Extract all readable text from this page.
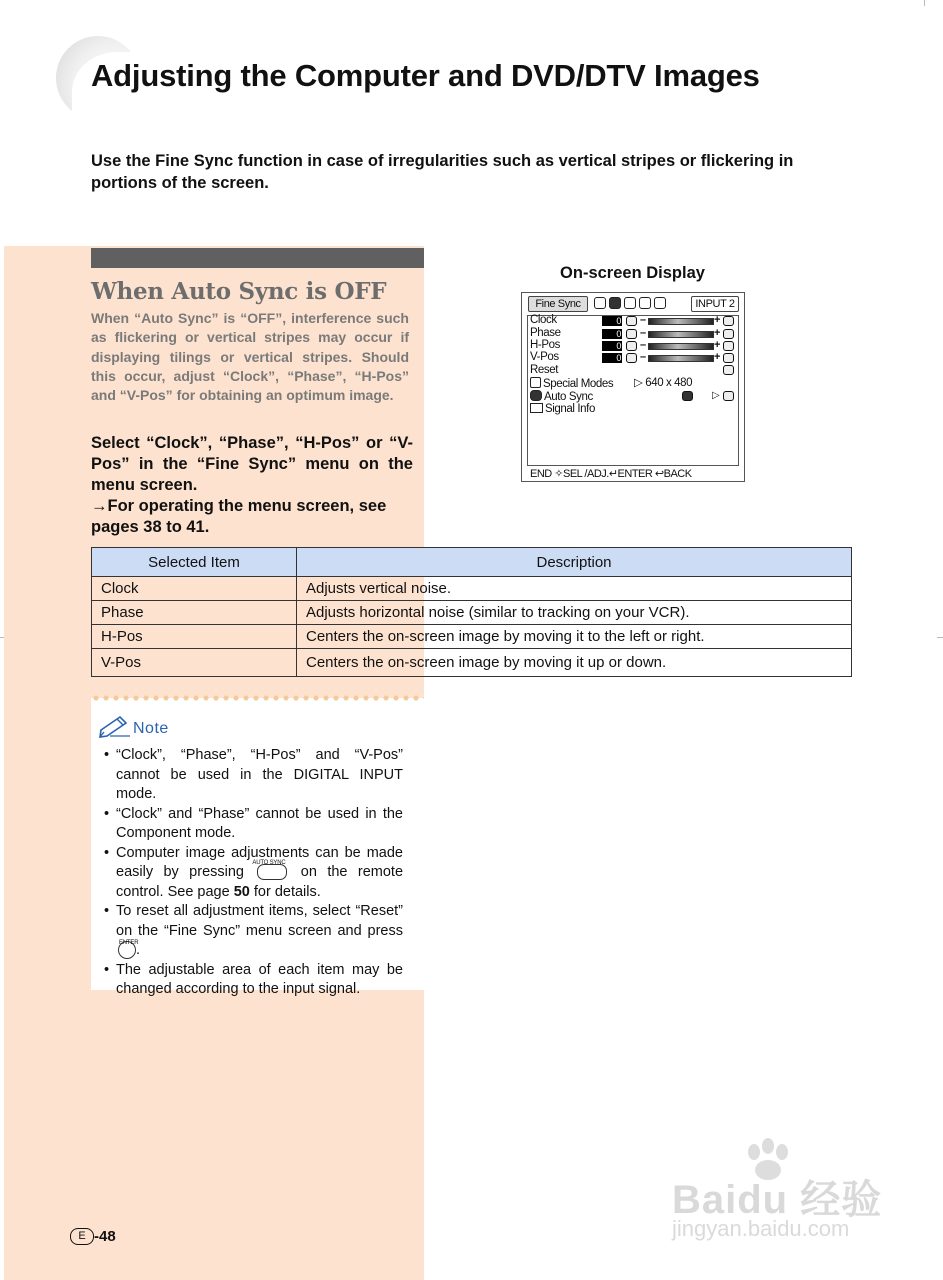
Adjusting the Computer and DVD/DTV Images

Use the Fine Sync function in case of irregularities such as vertical stripes or flickering in portions of the screen.

When Auto Sync is OFF

When “Auto Sync” is “OFF”, interference such as flickering or vertical stripes may occur if displaying tilings or vertical stripes. Should this occur, adjust “Clock”, “Phase”, “H-Pos” and “V-Pos” for obtaining an optimum image.

Select “Clock”, “Phase”, “H-Pos” or “V-Pos” in the “Fine Sync” menu on the menu screen.

→For operating the menu screen, see pages 38 to 41.

On-screen Display

Fine Sync	INPUT 2
Clock	0 –	+
Phase	0 –	+
H-Pos	0 –	+
V-Pos	0 –	+
Reset
Special Modes ▷ 640 x 480
Auto Sync	▷
Signal Info
END ✧SEL /ADJ.↵ENTER ↩BACK
Selected Item	Description
Clock	Adjusts vertical noise.
Phase	Adjusts horizontal noise (similar to tracking on your VCR).
H-Pos	Centers the on-screen image by moving it to the left or right.
V-Pos	Centers the on-screen image by moving it up or down.

Note

• “Clock”, “Phase”, “H-Pos” and “V-Pos” cannot be used in the DIGITAL INPUT mode.
• “Clock” and “Phase” cannot be used in the Component mode.
• Computer image adjustments can be made easily by pressing
AUTO SYNC
on the remote control. See page 50 for details.
• To reset all adjustment items, select “Reset” on the “Fine Sync” menu screen and press
ENTER
.
• The adjustable area of each item may be changed according to the input signal.
E -48
Baidu 经验
jingyan.baidu.com
